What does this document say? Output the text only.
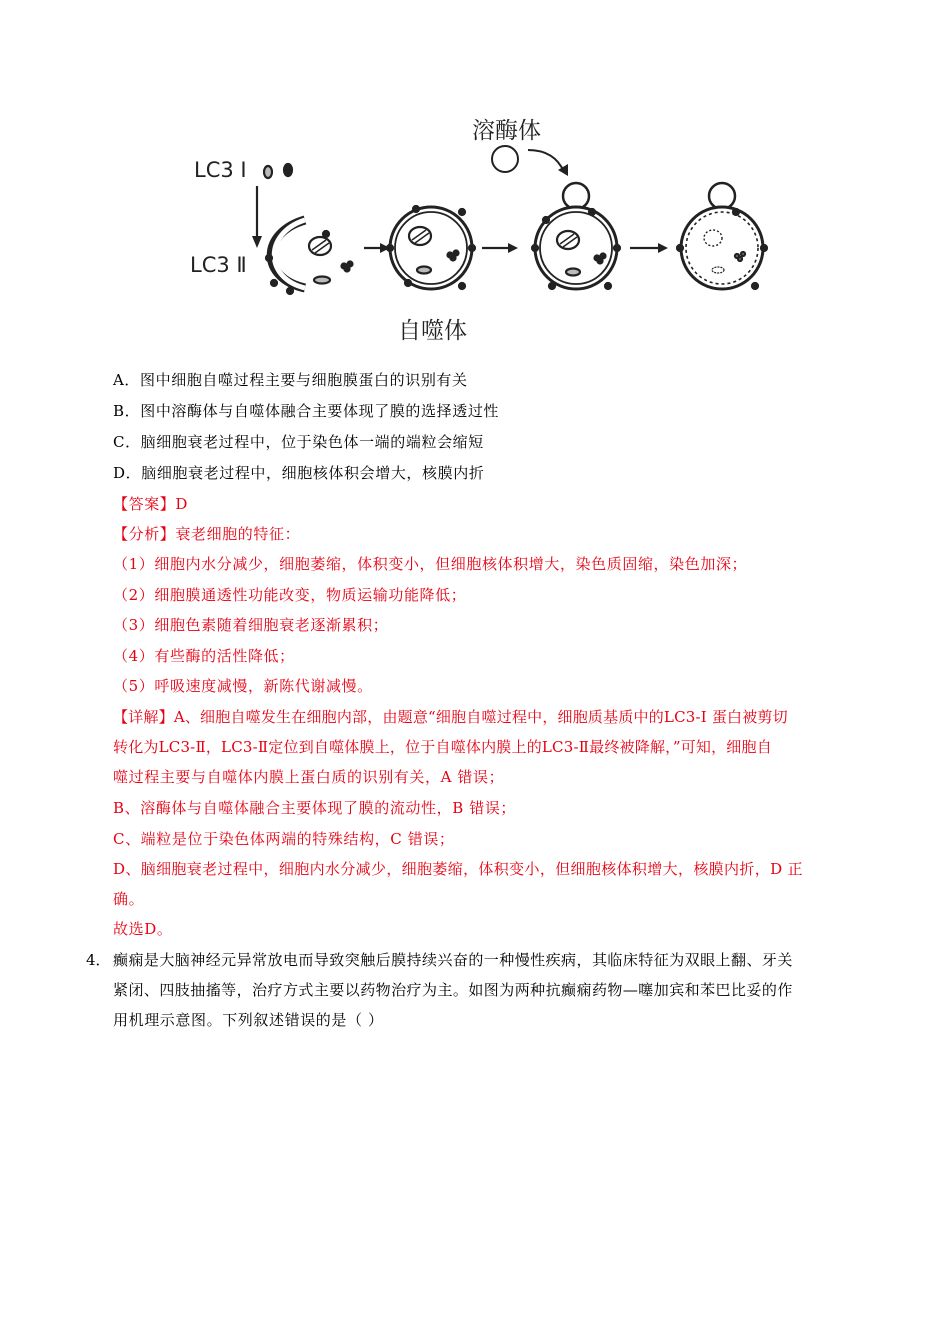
溶酶体
自噬体
LC3 I
LC3 Ⅱ
A．图中细胞自噬过程主要与细胞膜蛋白的识别有关
B．图中溶酶体与自噬体融合主要体现了膜的选择透过性
C．脑细胞衰老过程中，位于染色体一端的端粒会缩短
D．脑细胞衰老过程中，细胞核体积会增大，核膜内折
【答案】D
【分析】衰老细胞的特征：
（1）细胞内水分减少，细胞萎缩，体积变小，但细胞核体积增大，染色质固缩，染色加深；
（2）细胞膜通透性功能改变，物质运输功能降低；
（3）细胞色素随着细胞衰老逐渐累积；
（4）有些酶的活性降低；
（5）呼吸速度减慢，新陈代谢减慢。
【详解】A、细胞自噬发生在细胞内部，由题意“细胞自噬过程中，细胞质基质中的LC3-I 蛋白被剪切
转化为LC3-Ⅱ，LC3-Ⅱ定位到自噬体膜上，位于自噬体内膜上的LC3-Ⅱ最终被降解，”可知，细胞自
噬过程主要与自噬体内膜上蛋白质的识别有关，A 错误；
B、溶酶体与自噬体融合主要体现了膜的流动性，B 错误；
C、端粒是位于染色体两端的特殊结构，C 错误；
D、脑细胞衰老过程中，细胞内水分减少，细胞萎缩，体积变小，但细胞核体积增大，核膜内折，D 正
确。
故选D。
4． 癫痫是大脑神经元异常放电而导致突触后膜持续兴奋的一种慢性疾病，其临床特征为双眼上翻、牙关
紧闭、四肢抽搐等，治疗方式主要以药物治疗为主。如图为两种抗癫痫药物—噻加宾和苯巴比妥的作
用机理示意图。下列叙述错误的是（ ）
